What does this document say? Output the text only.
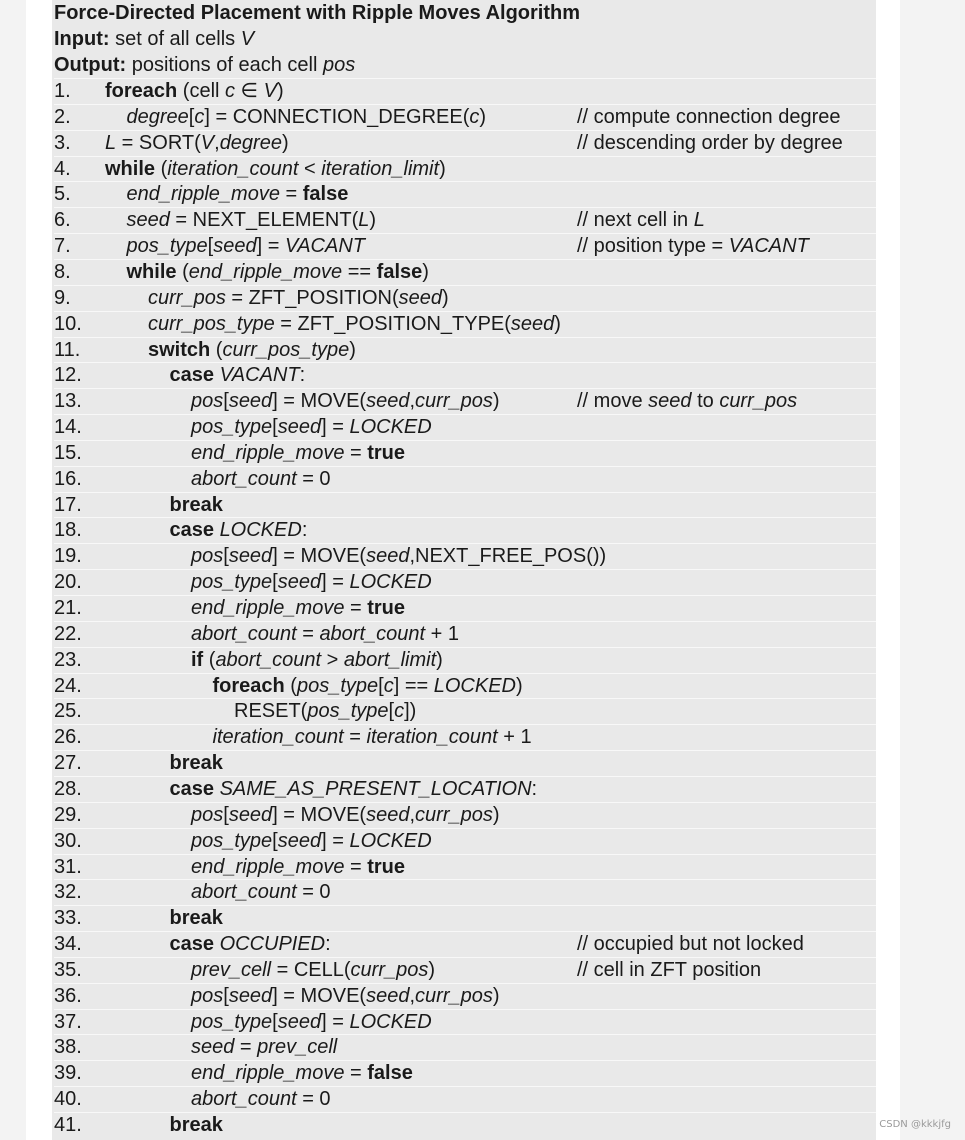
Force-Directed Placement with Ripple Moves Algorithm
Input: set of all cells V
Output: positions of each cell pos
1. foreach (cell c ∈ V)
2.	degree[c] = CONNECTION_DEGREE(c)	// compute connection degree
3. L = SORT(V,degree)	// descending order by degree
4. while (iteration_count < iteration_limit)
5.	end_ripple_move = false
6.	seed = NEXT_ELEMENT(L)	// next cell in L
7.	pos_type[seed] = VACANT	// position type = VACANT
8.	while (end_ripple_move == false)
9.	curr_pos = ZFT_POSITION(seed)
10.	curr_pos_type = ZFT_POSITION_TYPE(seed)
11.	switch (curr_pos_type)
12.	case VACANT:
13.	pos[seed] = MOVE(seed,curr_pos)	// move seed to curr_pos
14.	pos_type[seed] = LOCKED
15.	end_ripple_move = true
16.	abort_count = 0
17.	break
18.	case LOCKED:
19.	pos[seed] = MOVE(seed,NEXT_FREE_POS())
20.	pos_type[seed] = LOCKED
21.	end_ripple_move = true
22.	abort_count = abort_count + 1
23.	if (abort_count > abort_limit)
24.	foreach (pos_type[c] == LOCKED)
25.	RESET(pos_type[c])
26.	iteration_count = iteration_count + 1
27.	break
28.	case SAME_AS_PRESENT_LOCATION:
29.	pos[seed] = MOVE(seed,curr_pos)
30.	pos_type[seed] = LOCKED
31.	end_ripple_move = true
32.	abort_count = 0
33.	break
34.	case OCCUPIED:	// occupied but not locked
35.	prev_cell = CELL(curr_pos)	// cell in ZFT position
36.	pos[seed] = MOVE(seed,curr_pos)
37.	pos_type[seed] = LOCKED
38.	seed = prev_cell
39.	end_ripple_move = false
40.	abort_count = 0
41.	break	CSDN @kkkjfg
